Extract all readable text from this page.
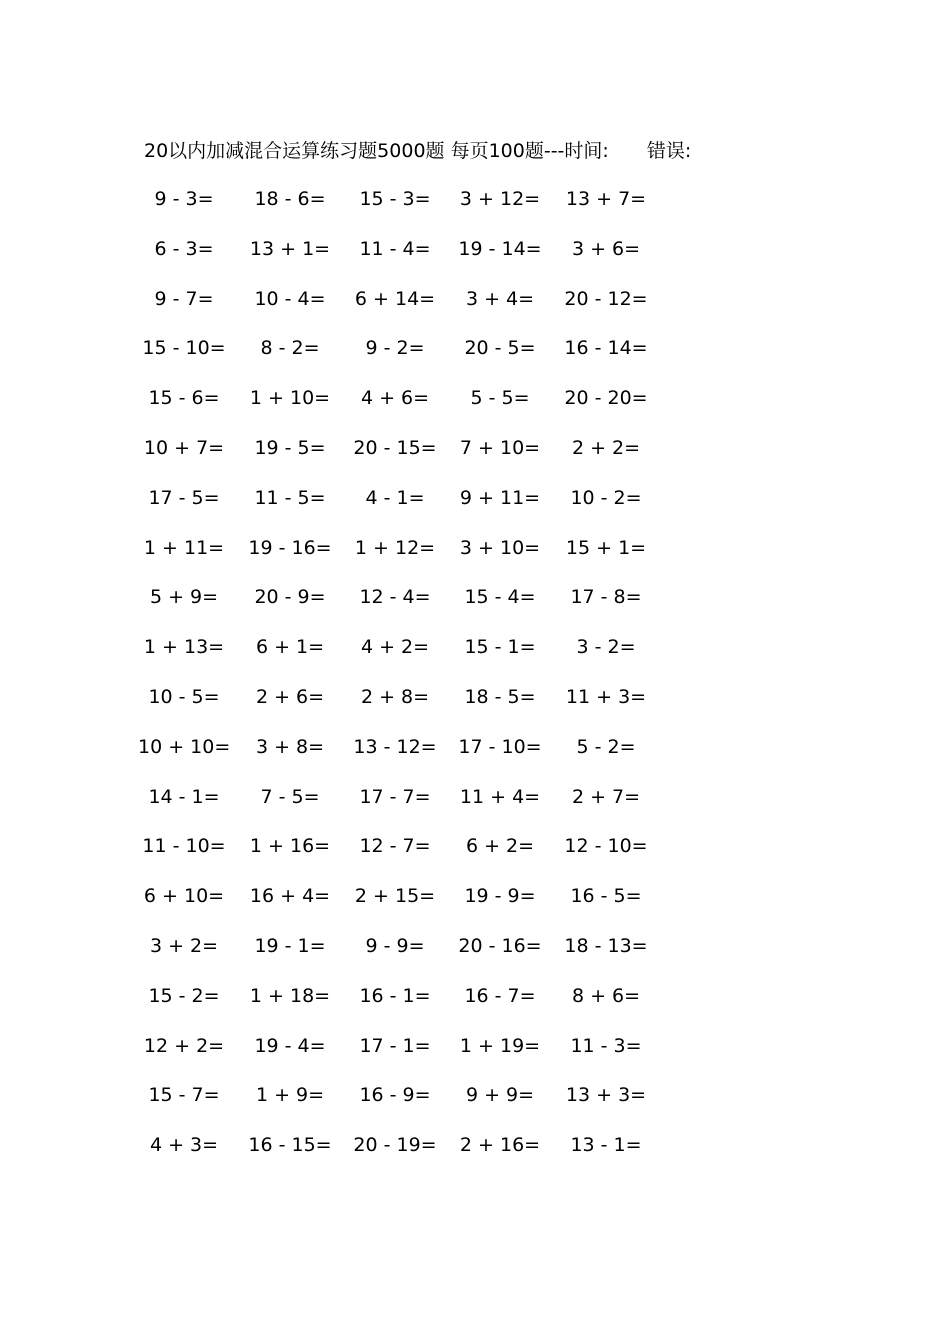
20以内加减混合运算练习题5000题 每页100题---时间: 错误:
9 - 3=	18 - 6=	15 - 3=	3 + 12=	13 + 7=
6 - 3=	13 + 1=	11 - 4=	19 - 14=	3 + 6=
9 - 7=	10 - 4=	6 + 14=	3 + 4=	20 - 12=
15 - 10=	8 - 2=	9 - 2=	20 - 5=	16 - 14=
15 - 6=	1 + 10=	4 + 6=	5 - 5=	20 - 20=
10 + 7=	19 - 5=	20 - 15=	7 + 10=	2 + 2=
17 - 5=	11 - 5=	4 - 1=	9 + 11=	10 - 2=
1 + 11=	19 - 16=	1 + 12=	3 + 10=	15 + 1=
5 + 9=	20 - 9=	12 - 4=	15 - 4=	17 - 8=
1 + 13=	6 + 1=	4 + 2=	15 - 1=	3 - 2=
10 - 5=	2 + 6=	2 + 8=	18 - 5=	11 + 3=
10 + 10=	3 + 8=	13 - 12= 17 - 10=	5 - 2=
14 - 1=	7 - 5=	17 - 7=	11 + 4=	2 + 7=
11 - 10=	1 + 16=	12 - 7=	6 + 2=	12 - 10=
6 + 10=	16 + 4=	2 + 15=	19 - 9=	16 - 5=
3 + 2=	19 - 1=	9 - 9=	20 - 16= 18 - 13=
15 - 2=	1 + 18=	16 - 1=	16 - 7=	8 + 6=
12 + 2=	19 - 4=	17 - 1=	1 + 19=	11 - 3=
15 - 7=	1 + 9=	16 - 9=	9 + 9=	13 + 3=
4 + 3=	16 - 15= 20 - 19=	2 + 16=	13 - 1=
